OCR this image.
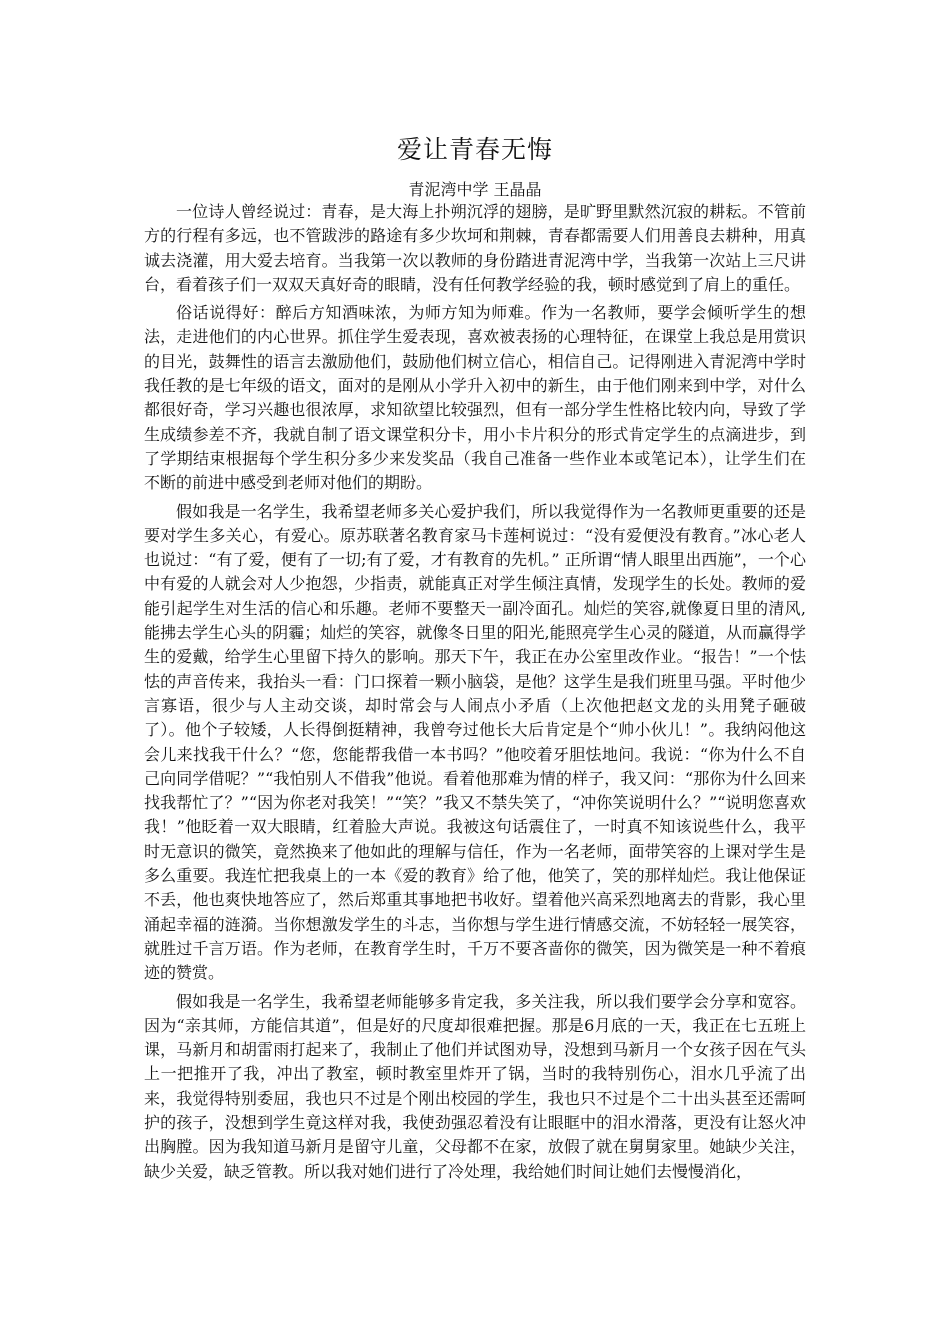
爱让青春无悔
青泥湾中学 王晶晶

一位诗人曾经说过：青春，是大海上扑朔沉浮的翅膀，是旷野里默然沉寂的耕耘。不管前方的行程有多远，也不管跋涉的路途有多少坎坷和荆棘，青春都需要人们用善良去耕种，用真诚去浇灌，用大爱去培育。当我第一次以教师的身份踏进青泥湾中学，当我第一次站上三尺讲台，看着孩子们一双双天真好奇的眼睛，没有任何教学经验的我，顿时感觉到了肩上的重任。

俗话说得好：醉后方知酒味浓，为师方知为师难。作为一名教师，要学会倾听学生的想法，走进他们的内心世界。抓住学生爱表现，喜欢被表扬的心理特征，在课堂上我总是用赏识的目光，鼓舞性的语言去激励他们，鼓励他们树立信心，相信自己。记得刚进入青泥湾中学时我任教的是七年级的语文，面对的是刚从小学升入初中的新生，由于他们刚来到中学，对什么都很好奇，学习兴趣也很浓厚，求知欲望比较强烈，但有一部分学生性格比较内向，导致了学生成绩参差不齐，我就自制了语文课堂积分卡，用小卡片积分的形式肯定学生的点滴进步，到了学期结束根据每个学生积分多少来发奖品（我自己准备一些作业本或笔记本），让学生们在不断的前进中感受到老师对他们的期盼。

假如我是一名学生，我希望老师多关心爱护我们，所以我觉得作为一名教师更重要的还是要对学生多关心，有爱心。原苏联著名教育家马卡莲柯说过：“没有爱便没有教育。”冰心老人也说过：“有了爱，便有了一切;有了爱，才有教育的先机。” 正所谓“情人眼里出西施”，一个心中有爱的人就会对人少抱怨，少指责，就能真正对学生倾注真情，发现学生的长处。教师的爱能引起学生对生活的信心和乐趣。老师不要整天一副冷面孔。灿烂的笑容,就像夏日里的清风,能拂去学生心头的阴霾；灿烂的笑容，就像冬日里的阳光,能照亮学生心灵的隧道，从而赢得学生的爱戴，给学生心里留下持久的影响。那天下午，我正在办公室里改作业。“报告！”一个怯怯的声音传来，我抬头一看：门口探着一颗小脑袋，是他？这学生是我们班里马强。平时他少言寡语，很少与人主动交谈，却时常会与人闹点小矛盾（上次他把赵文龙的头用凳子砸破了）。他个子较矮，人长得倒挺精神，我曾夸过他长大后肯定是个“帅小伙儿！”。我纳闷他这会儿来找我干什么？“您，您能帮我借一本书吗？”他咬着牙胆怯地问。我说：“你为什么不自己向同学借呢？”“我怕别人不借我”他说。看着他那难为情的样子，我又问：“那你为什么回来找我帮忙了？”“因为你老对我笑！”“笑？”我又不禁失笑了，“冲你笑说明什么？”“说明您喜欢我！”他眨着一双大眼睛，红着脸大声说。我被这句话震住了，一时真不知该说些什么，我平时无意识的微笑，竟然换来了他如此的理解与信任，作为一名老师，面带笑容的上课对学生是多么重要。我连忙把我桌上的一本《爱的教育》给了他，他笑了，笑的那样灿烂。我让他保证不丢，他也爽快地答应了，然后郑重其事地把书收好。望着他兴高采烈地离去的背影，我心里涌起幸福的涟漪。当你想激发学生的斗志，当你想与学生进行情感交流，不妨轻轻一展笑容，就胜过千言万语。作为老师，在教育学生时，千万不要吝啬你的微笑，因为微笑是一种不着痕迹的赞赏。

假如我是一名学生，我希望老师能够多肯定我，多关注我，所以我们要学会分享和宽容。因为“亲其师，方能信其道”，但是好的尺度却很难把握。那是6月底的一天，我正在七五班上课，马新月和胡雷雨打起来了，我制止了他们并试图劝导，没想到马新月一个女孩子因在气头上一把推开了我，冲出了教室，顿时教室里炸开了锅，当时的我特别伤心，泪水几乎流了出来，我觉得特别委屈，我也只不过是个刚出校园的学生，我也只不过是个二十出头甚至还需呵护的孩子，没想到学生竟这样对我，我使劲强忍着没有让眼眶中的泪水滑落，更没有让怒火冲出胸膛。因为我知道马新月是留守儿童，父母都不在家，放假了就在舅舅家里。她缺少关注，缺少关爱，缺乏管教。所以我对她们进行了冷处理，我给她们时间让她们去慢慢消化，
